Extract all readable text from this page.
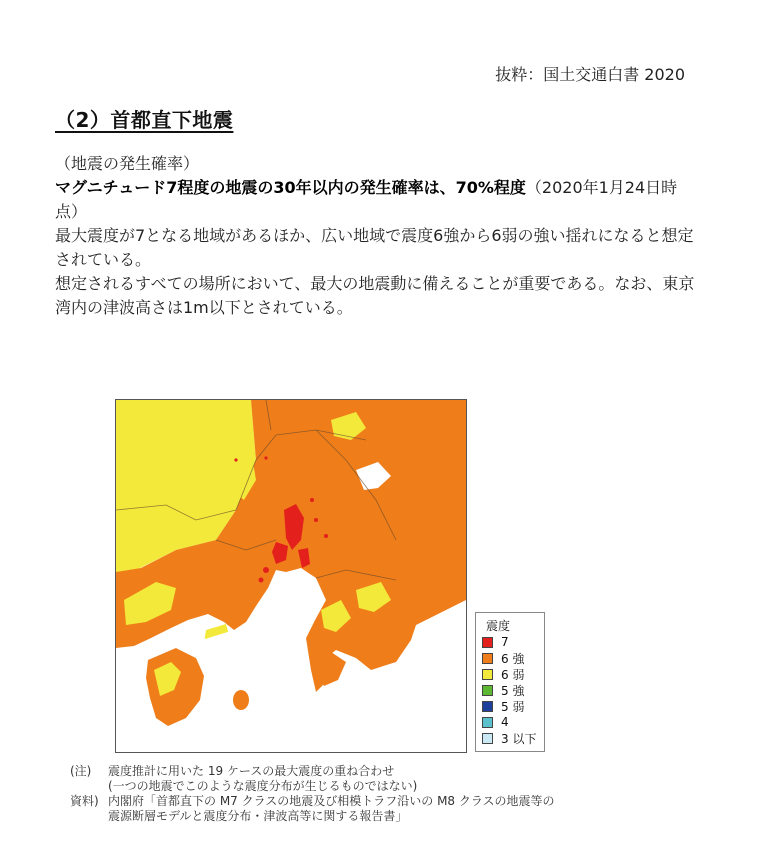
抜粋：国土交通白書 2020
（2）首都直下地震

（地震の発生確率）

マグニチュード7程度の地震の30年以内の発生確率は、70%程度（2020年1月24日時点）

最大震度が7となる地域があるほか、広い地域で震度6強から6弱の強い揺れになると想定されている。

想定されるすべての場所において、最大の地震動に備えることが重要である。なお、東京湾内の津波高さは1m以下とされている。

震度
7
6 強
6 弱
5 強
5 弱
4
3 以下
(注)	震度推計に用いた 19 ケースの最大震度の重ね合わせ
(一つの地震でこのような震度分布が生じるものではない)
資料) 内閣府「首都直下の M7 クラスの地震及び相模トラフ沿いの M8 クラスの地震等の
震源断層モデルと震度分布・津波高等に関する報告書」
